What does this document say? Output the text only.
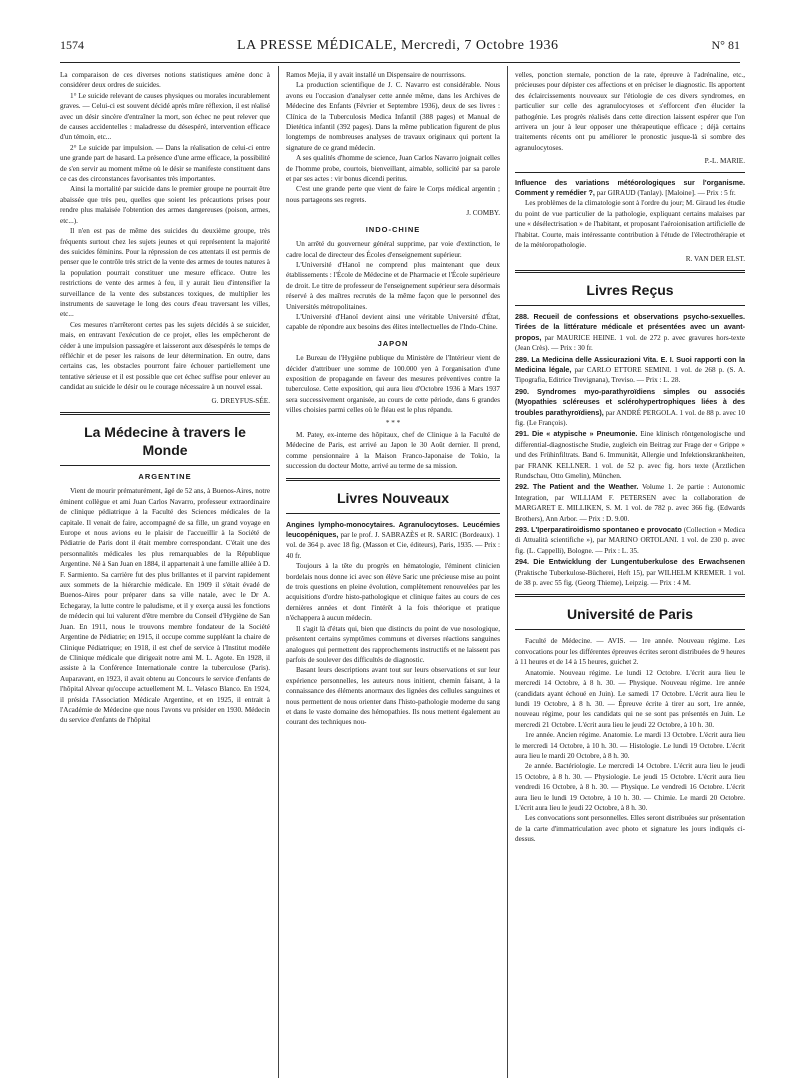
1574	LA PRESSE MÉDICALE, Mercredi, 7 Octobre 1936	N° 81

La comparaison de ces diverses notions statistiques amène donc à considérer deux ordres de suicides.

1° Le suicide relevant de causes physiques ou morales incurablement graves. — Celui-ci est souvent décidé après mûre réflexion, il est réalisé avec un désir sincère d'entraîner la mort, son échec ne peut relever que de causes accidentelles : maladresse du désespéré, intervention efficace d'un témoin, etc...

2° Le suicide par impulsion. — Dans la réalisation de celui-ci entre une grande part de hasard. La présence d'une arme efficace, la possibilité de s'en servir au moment même où le désir se manifeste constituent dans ce cas des circonstances favorisantes très importantes.

Ainsi la mortalité par suicide dans le premier groupe ne pourrait être abaissée que très peu, quelles que soient les précautions prises pour rendre plus malaisée l'obtention des armes dangereuses (poison, armes, etc...).

Il n'en est pas de même des suicides du deuxième groupe, très fréquents surtout chez les sujets jeunes et qui représentent la majorité des suicides féminins. Pour la répression de ces attentats il est permis de penser que le contrôle très strict de la vente des armes de toutes natures à la population pourrait constituer une mesure efficace. Outre les restrictions de vente des armes à feu, il y aurait lieu d'intensifier la surveillance de la vente des substances toxiques, de multiplier les instruments de sauvetage le long des cours d'eau traversant les villes, etc...

Ces mesures n'arrêteront certes pas les sujets décidés à se suicider, mais, en entravant l'exécution de ce projet, elles les empêcheront de céder à une impulsion passagère et laisseront aux désespérés le temps de réfléchir et de peser les raisons de leur détermination. En outre, dans certains cas, les obstacles pourront faire échouer partiellement une tentative sérieuse et il est possible que cet échec suffise pour enlever au candidat au suicide le désir ou le courage nécessaire à un nouvel essai.

G. DREYFUS-SÉE.
La Médecine à travers le Monde
ARGENTINE

Vient de mourir prématurément, âgé de 52 ans, à Buenos-Aires, notre éminent collègue et ami Juan Carlos Navarro, professeur extraordinaire de clinique pédiatrique à la Faculté des Sciences médicales de la capitale. Il venait de faire, accompagné de sa fille, un grand voyage en Europe et nous avions eu le plaisir de l'accueillir à la Société de Pédiatrie de Paris dont il était membre correspondant. C'était une des personnalités médicales les plus remarquables de la République Argentine. Né à San Juan en 1884, il appartenait à une famille alliée à D. F. Sarmiento. Sa carrière fut des plus brillantes et il parvint rapidement aux sommets de la hiérarchie médicale. En 1909 il s'était évadé de Buenos-Aires pour préparer dans sa ville natale, avec le Dr A. Echegaray, la lutte contre le paludisme, et il y exerça aussi les fonctions de médecin qui lui valurent d'être membre du Conseil d'Hygiène de San Juan. En 1911, nous le trouvons membre fondateur de la Société Argentine de Pédiatrie; en 1915, il occupe comme suppléant la chaire de Clinique Pédiatrique; en 1918, il est chef de service à l'Institut modèle de Clinique médicale que dirigeait notre ami M. L. Agote. En 1928, il assiste à la Conférence Internationale contre la tuberculose (Paris). Auparavant, en 1923, il avait obtenu au Concours le service d'enfants de l'hôpital Alvear qu'occupe actuellement M. L. Velasco Blanco. En 1924, il présida l'Association Médicale Argentine, et en 1925, il entrait à l'Académie de Médecine que nous l'avons vu présider en 1930. Médecin du service d'enfants de l'hôpital

Ramos Mejia, il y avait installé un Dispensaire de nourrissons.

La production scientifique de J. C. Navarro est considérable. Nous avons eu l'occasion d'analyser cette année même, dans les Archives de Médecine des Enfants (Février et Septembre 1936), deux de ses livres : Clínica de la Tuberculosis Medica Infantil (388 pages) et Manual de Dietética infantil (392 pages). Dans la même publication figurent de plus longtemps de nombreuses analyses de travaux originaux qui portent la signature de ce grand médecin.

A ses qualités d'homme de science, Juan Carlos Navarro joignait celles de l'homme probe, courtois, bienveillant, aimable, sollicité par sa parole et par ses actes : vir bonus dicendi peritus.

C'est une grande perte que vient de faire le Corps médical argentin ; nous partageons ses regrets.

J. COMBY.
INDO-CHINE

Un arrêté du gouverneur général supprime, par voie d'extinction, le cadre local de directeur des Écoles d'enseignement supérieur.

L'Université d'Hanoï ne comprend plus maintenant que deux établissements : l'École de Médecine et de Pharmacie et l'École supérieure de droit. Le titre de professeur de l'enseignement supérieur sera désormais réservé à des maîtres recrutés de la même façon que le personnel des Universités métropolitaines.

L'Université d'Hanoï devient ainsi une véritable Université d'État, capable de répondre aux besoins des élites intellectuelles de l'Indo-Chine.

JAPON

Le Bureau de l'Hygiène publique du Ministère de l'Intérieur vient de décider d'attribuer une somme de 100.000 yen à l'organisation d'une exposition de propagande en faveur des mesures préventives contre la tuberculose. Cette exposition, qui aura lieu d'Octobre 1936 à Mars 1937 sera successivement organisée, au cours de cette période, dans 6 grandes villes choisies parmi celles où le fléau est le plus répandu.

* * *

M. Patey, ex-interne des hôpitaux, chef de Clinique à la Faculté de Médecine de Paris, est arrivé au Japon le 30 Août dernier. Il prend, comme pensionnaire à la Maison Franco-Japonaise de Tokio, la succession du docteur Motte, arrivé au terme de sa mission.

Livres Nouveaux

Angines lympho-monocytaires. Agranulocytoses. Leucémies leucopéniques, par le prof. J. SABRAZÈS et R. SARIC (Bordeaux). 1 vol. de 364 p. avec 18 fig. (Masson et Cie, éditeurs), Paris, 1935. — Prix : 40 fr.

Toujours à la tête du progrès en hématologie, l'éminent clinicien bordelais nous donne ici avec son élève Saric une précieuse mise au point de trois questions en pleine évolution, complètement renouvelées par les acquisitions d'ordre histo-pathologique et clinique faites au cours de ces dernières années et dont l'intérêt à la fois théorique et pratique n'échappera à aucun médecin.

Il s'agit là d'états qui, bien que distincts du point de vue nosologique, présentent certains symptômes communs et diverses réactions sanguines analogues qui permettent des rapprochements instructifs et ne laissent pas parfois de soulever des difficultés de diagnostic.

Basant leurs descriptions avant tout sur leurs observations et sur leur expérience personnelles, les auteurs nous initient, chemin faisant, à la connaissance des éléments anormaux des lignées des cellules sanguines et nous permettent de nous orienter dans l'histo-pathologie moderne du sang et dans le vaste domaine des hémopathies. Ils nous mettent également au courant des techniques nou-

velles, ponction sternale, ponction de la rate, épreuve à l'adrénaline, etc., précieuses pour dépister ces affections et en préciser le diagnostic. Ils apportent des éclaircissements nouveaux sur l'étiologie de ces divers syndromes, en particulier sur celle des agranulocytoses et s'efforcent d'en élucider la pathogénie. Les progrès réalisés dans cette direction laissent espérer que l'on arrivera un jour à leur opposer une thérapeutique efficace ; déjà certains traitements récents ont pu améliorer le pronostic jusque-là si sombre des agranulocytoses.

P.-L. MARIE.

Influence des variations météorologiques sur l'organisme. Comment y remédier ?, par GIRAUD (Tanlay). [Maloine]. — Prix : 5 fr.

Les problèmes de la climatologie sont à l'ordre du jour; M. Giraud les étudie du point de vue particulier de la pathologie, expliquant certains malaises par une « désélectrisation » de l'habitant, et proposant l'aéroionisation artificielle de l'habitat. Courte, mais intéressante contribution à l'étude de l'électrothérapie et de la météoropathologie.

R. VAN DER ELST.
Livres Reçus

288. Recueil de confessions et observations psycho-sexuelles. Tirées de la littérature médicale et présentées avec un avant-propos, par MAURICE HEINE. 1 vol. de 272 p. avec gravures hors-texte (Jean Crès). — Prix : 30 fr.

289. La Medicina delle Assicurazioni Vita. E. I. Suoi rapporti con la Medicina légale, par CARLO ETTORE SEMINI. 1 vol. de 268 p. (S. A. Tipografia, Editrice Trevignana), Treviso. — Prix : L. 28.

290. Syndromes myo-parathyroïdiens simples ou associés (Myopathies scléreuses et sclérohypertrophiques liées à des troubles parathyroïdiens), par ANDRÉ PERGOLA. 1 vol. de 88 p. avec 10 fig. (Le François).

291. Die « atypische » Pneumonie. Eine klinisch röntgenologische und differential-diagnostische Studie, zugleich ein Beitrag zur Frage der « Grippe » und des Frühinfiltrats. Band 6. Immunität, Allergie und Infektionskrankheiten, par FRANK KELLNER. 1 vol. de 52 p. avec fig. hors texte (Ärztlichen Rundschau, Otto Gmelin), München.

292. The Patient and the Weather. Volume 1. 2e partie : Autonomic Integration, par WILLIAM F. PETERSEN avec la collaboration de MARGARET E. MILLIKEN, S. M. 1 vol. de 782 p. avec 366 fig. (Edwards Brothers), Ann Arbor. — Prix : D. 9.00.

293. L'Iperparatiroidismo spontaneo e provocato (Collection « Medica di Attualità scientifiche »), par MARINO ORTOLANI. 1 vol. de 230 p. avec fig. (L. Cappelli), Bologne. — Prix : L. 35.

294. Die Entwicklung der Lungentuberkulose des Erwachsenen (Praktische Tuberkulose-Bücherei, Heft 15), par WILHELM KREMER. 1 vol. de 38 p. avec 55 fig. (Georg Thieme), Leipzig. — Prix : 4 M.

Université de Paris

Faculté de Médecine. — AVIS. — 1re année. Nouveau régime. Les convocations pour les différentes épreuves écrites seront distribuées de 9 heures à 11 heures et de 14 à 15 heures, guichet 2.

Anatomie. Nouveau régime. Le lundi 12 Octobre. L'écrit aura lieu le mercredi 14 Octobre, à 8 h. 30. — Physique. Nouveau régime. 1re année (candidats ayant échoué en Juin). Le samedi 17 Octobre. L'écrit aura lieu le lundi 19 Octobre, à 8 h. 30. — Épreuve écrite à tirer au sort, 1re année, nouveau régime, pour les candidats qui ne se sont pas présentés en Juin. Le mercredi 21 Octobre. L'écrit aura lieu le jeudi 22 Octobre, à 10 h. 30.

1re année. Ancien régime. Anatomie. Le mardi 13 Octobre. L'écrit aura lieu le mercredi 14 Octobre, à 10 h. 30. — Histologie. Le lundi 19 Octobre. L'écrit aura lieu le mardi 20 Octobre, à 8 h. 30.

2e année. Bactériologie. Le mercredi 14 Octobre. L'écrit aura lieu le jeudi 15 Octobre, à 8 h. 30. — Physiologie. Le jeudi 15 Octobre. L'écrit aura lieu vendredi 16 Octobre, à 8 h. 30. — Physique. Le vendredi 16 Octobre. L'écrit aura lieu le lundi 19 Octobre, à 10 h. 30. — Chimie. Le mardi 20 Octobre. L'écrit aura lieu le jeudi 22 Octobre, à 8 h. 30.

Les convocations sont personnelles. Elles seront distribuées sur présentation de la carte d'immatriculation avec photo et signature les jours indiqués ci-dessus.
